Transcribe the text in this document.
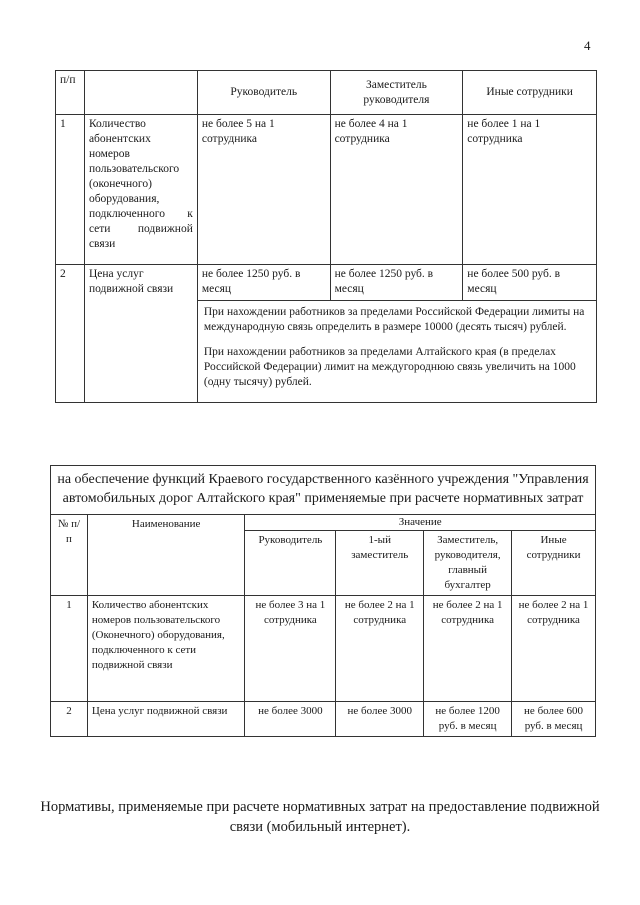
4
п/п		Руководитель	Заместитель руководителя	Иные сотрудники
1	Количество абонентских номеров пользовательского (оконечного) оборудования, подключенного к сети подвижной связи	не более 5 на 1 сотрудника	не более 4 на 1 сотрудника	не более 1 на 1 сотрудника
2	Цена услуг подвижной связи	не более 1250 руб. в месяц	не более 1250 руб. в месяц	не более 500 руб. в месяц

		При нахождении работников за пределами Российской Федерации лимиты на международную связь определить в размере 10000 (десять тысяч) рублей.

При нахождении работников за пределами Алтайского края (в пределах Российской Федерации) лимит на междугороднюю связь увеличить на 1000 (одну тысячу) рублей.		

на обеспечение функций Краевого государственного казённого учреждения "Управления автомобильных дорог Алтайского края" применяемые при расчете нормативных затрат					
№ п/п	Наименование	Значение			
		Руководитель	1-ый заместитель	Заместитель, руководителя, главный бухгалтер	Иные сотрудники
1	Количество абонентских номеров пользовательского (Оконечного) оборудования, подключенного к сети подвижной связи	не более 3 на 1 сотрудника	не более 2 на 1 сотрудника	не более 2 на 1 сотрудника	не более 2 на 1 сотрудника
2	Цена услуг подвижной связи	не более 3000	не более 3000	не более 1200 руб. в месяц	не более 600 руб. в месяц
Нормативы, применяемые при расчете нормативных затрат на предоставление подвижной связи (мобильный интернет).
